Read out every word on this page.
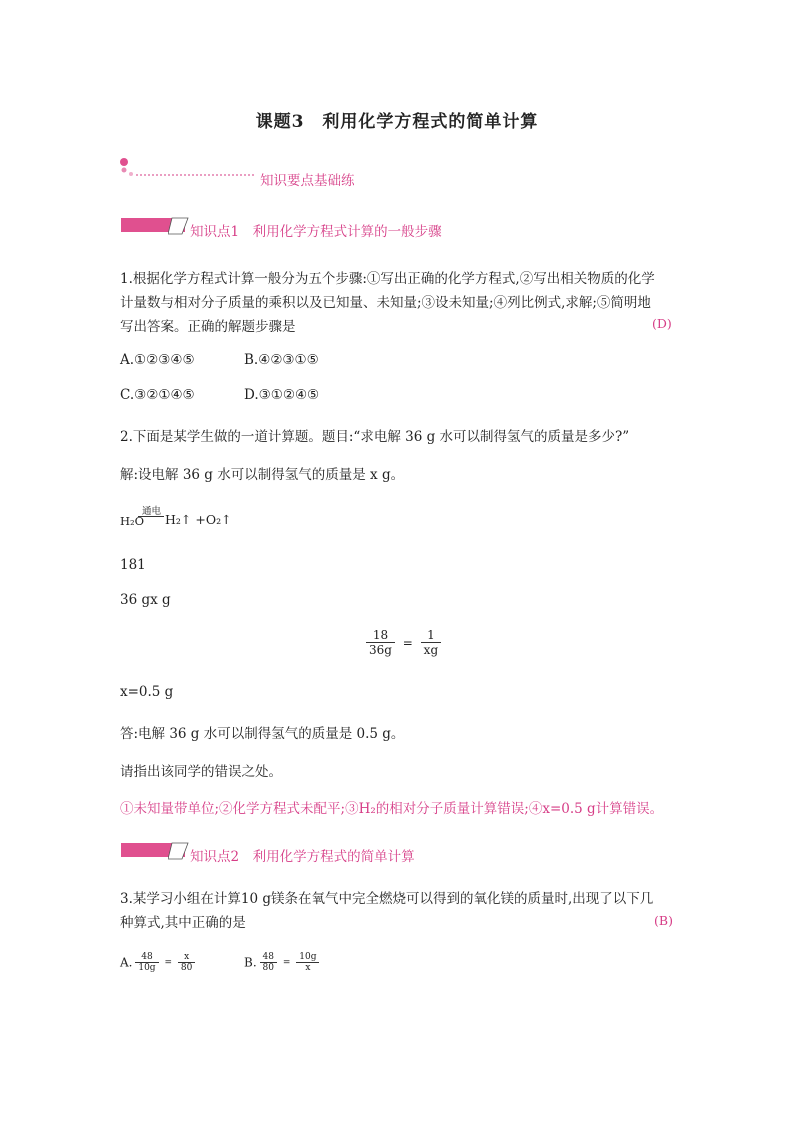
课题3　利用化学方程式的简单计算
知识要点基础练
知识点1　利用化学方程式计算的一般步骤
1.根据化学方程式计算一般分为五个步骤:①写出正确的化学方程式,②写出相关物质的化学
计量数与相对分子质量的乘积以及已知量、未知量;③设未知量;④列比例式,求解;⑤简明地
写出答案。正确的解题步骤是	(D)
A.①②③④⑤	B.④②③①⑤
C.③②①④⑤	D.③①②④⑤
2.下面是某学生做的一道计算题。题目:“求电解 36 g 水可以制得氢气的质量是多少?”
解:设电解 36 g 水可以制得氢气的质量是 x g。
通电
H₂O H₂↑ +O₂↑
181
36 gx g
$\frac{18}{36g} = \frac{1}{xg}$
x=0.5 g
答:电解 36 g 水可以制得氢气的质量是 0.5 g。
请指出该同学的错误之处。
①未知量带单位;②化学方程式未配平;③H₂的相对分子质量计算错误;④x=0.5 g计算错误。
知识点2　利用化学方程式的简单计算
3.某学习小组在计算10 g镁条在氧气中完全燃烧可以得到的氧化镁的质量时,出现了以下几
种算式,其中正确的是	(B)
A. $\frac{48}{10g} = \frac{x}{80}$	B. $\frac{48}{80} = \frac{10g}{x}$
